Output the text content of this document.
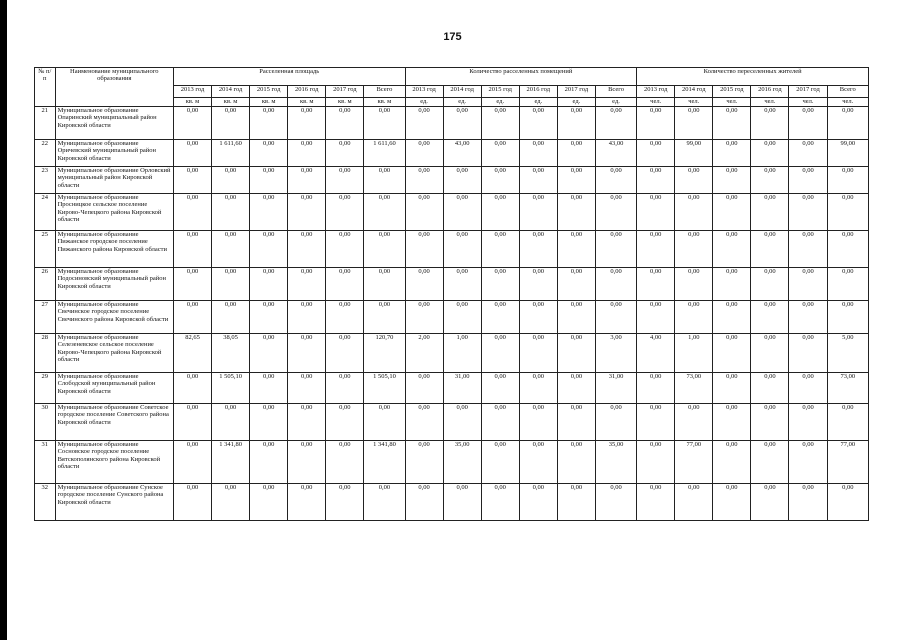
175
№ п/п	Наименование муниципального образования	Расселенная площадь						Количество расселенных помещений						Количество переселенных жителей					
		2013 год	2014 год	2015 год	2016 год	2017 год	Всего	2013 год	2014 год	2015 год	2016 год	2017 год	Всего	2013 год	2014 год	2015 год	2016 год	2017 год	Всего
		кв. м	кв. м	кв. м	кв. м	кв. м	кв. м	ед.	ед.	ед.	ед.	ед.	ед.	чел.	чел.	чел.	чел.	чел.	чел.
21	Муниципальное образование Опаринский муниципальный район Кировской области	0,00	0,00	0,00	0,00	0,00	0,00	0,00	0,00	0,00	0,00	0,00	0,00	0,00	0,00	0,00	0,00	0,00	0,00
22	Муниципальное образование Оричевский муниципальный район Кировской области	0,00	1 611,60	0,00	0,00	0,00	1 611,60	0,00	43,00	0,00	0,00	0,00	43,00	0,00	99,00	0,00	0,00	0,00	99,00
23	Муниципальное образование Орловский муниципальный район Кировской области	0,00	0,00	0,00	0,00	0,00	0,00	0,00	0,00	0,00	0,00	0,00	0,00	0,00	0,00	0,00	0,00	0,00	0,00
24	Муниципальное образование Просницкое сельское поселение Кирово-Чепецкого района Кировской области	0,00	0,00	0,00	0,00	0,00	0,00	0,00	0,00	0,00	0,00	0,00	0,00	0,00	0,00	0,00	0,00	0,00	0,00
25	Муниципальное образование Пижанское городское поселение Пижанского района Кировской области	0,00	0,00	0,00	0,00	0,00	0,00	0,00	0,00	0,00	0,00	0,00	0,00	0,00	0,00	0,00	0,00	0,00	0,00
26	Муниципальное образование Подосиновский муниципальный район Кировской области	0,00	0,00	0,00	0,00	0,00	0,00	0,00	0,00	0,00	0,00	0,00	0,00	0,00	0,00	0,00	0,00	0,00	0,00
27	Муниципальное образование Свечинское городское поселение Свечинского района Кировской области	0,00	0,00	0,00	0,00	0,00	0,00	0,00	0,00	0,00	0,00	0,00	0,00	0,00	0,00	0,00	0,00	0,00	0,00
28	Муниципальное образование Селезеневское сельское поселение Кирово-Чепецкого района Кировской области	82,65	38,05	0,00	0,00	0,00	120,70	2,00	1,00	0,00	0,00	0,00	3,00	4,00	1,00	0,00	0,00	0,00	5,00
29	Муниципальное образование Слободской муниципальный район Кировской области	0,00	1 505,10	0,00	0,00	0,00	1 505,10	0,00	31,00	0,00	0,00	0,00	31,00	0,00	73,00	0,00	0,00	0,00	73,00
30	Муниципальное образование Советское городское поселение Советского района Кировской области	0,00	0,00	0,00	0,00	0,00	0,00	0,00	0,00	0,00	0,00	0,00	0,00	0,00	0,00	0,00	0,00	0,00	0,00
31	Муниципальное образование Сосновское городское поселение Вятскополянского района Кировской области	0,00	1 341,80	0,00	0,00	0,00	1 341,80	0,00	35,00	0,00	0,00	0,00	35,00	0,00	77,00	0,00	0,00	0,00	77,00
32	Муниципальное образование Сунское городское поселение Сунского района Кировской области	0,00	0,00	0,00	0,00	0,00	0,00	0,00	0,00	0,00	0,00	0,00	0,00	0,00	0,00	0,00	0,00	0,00	0,00
